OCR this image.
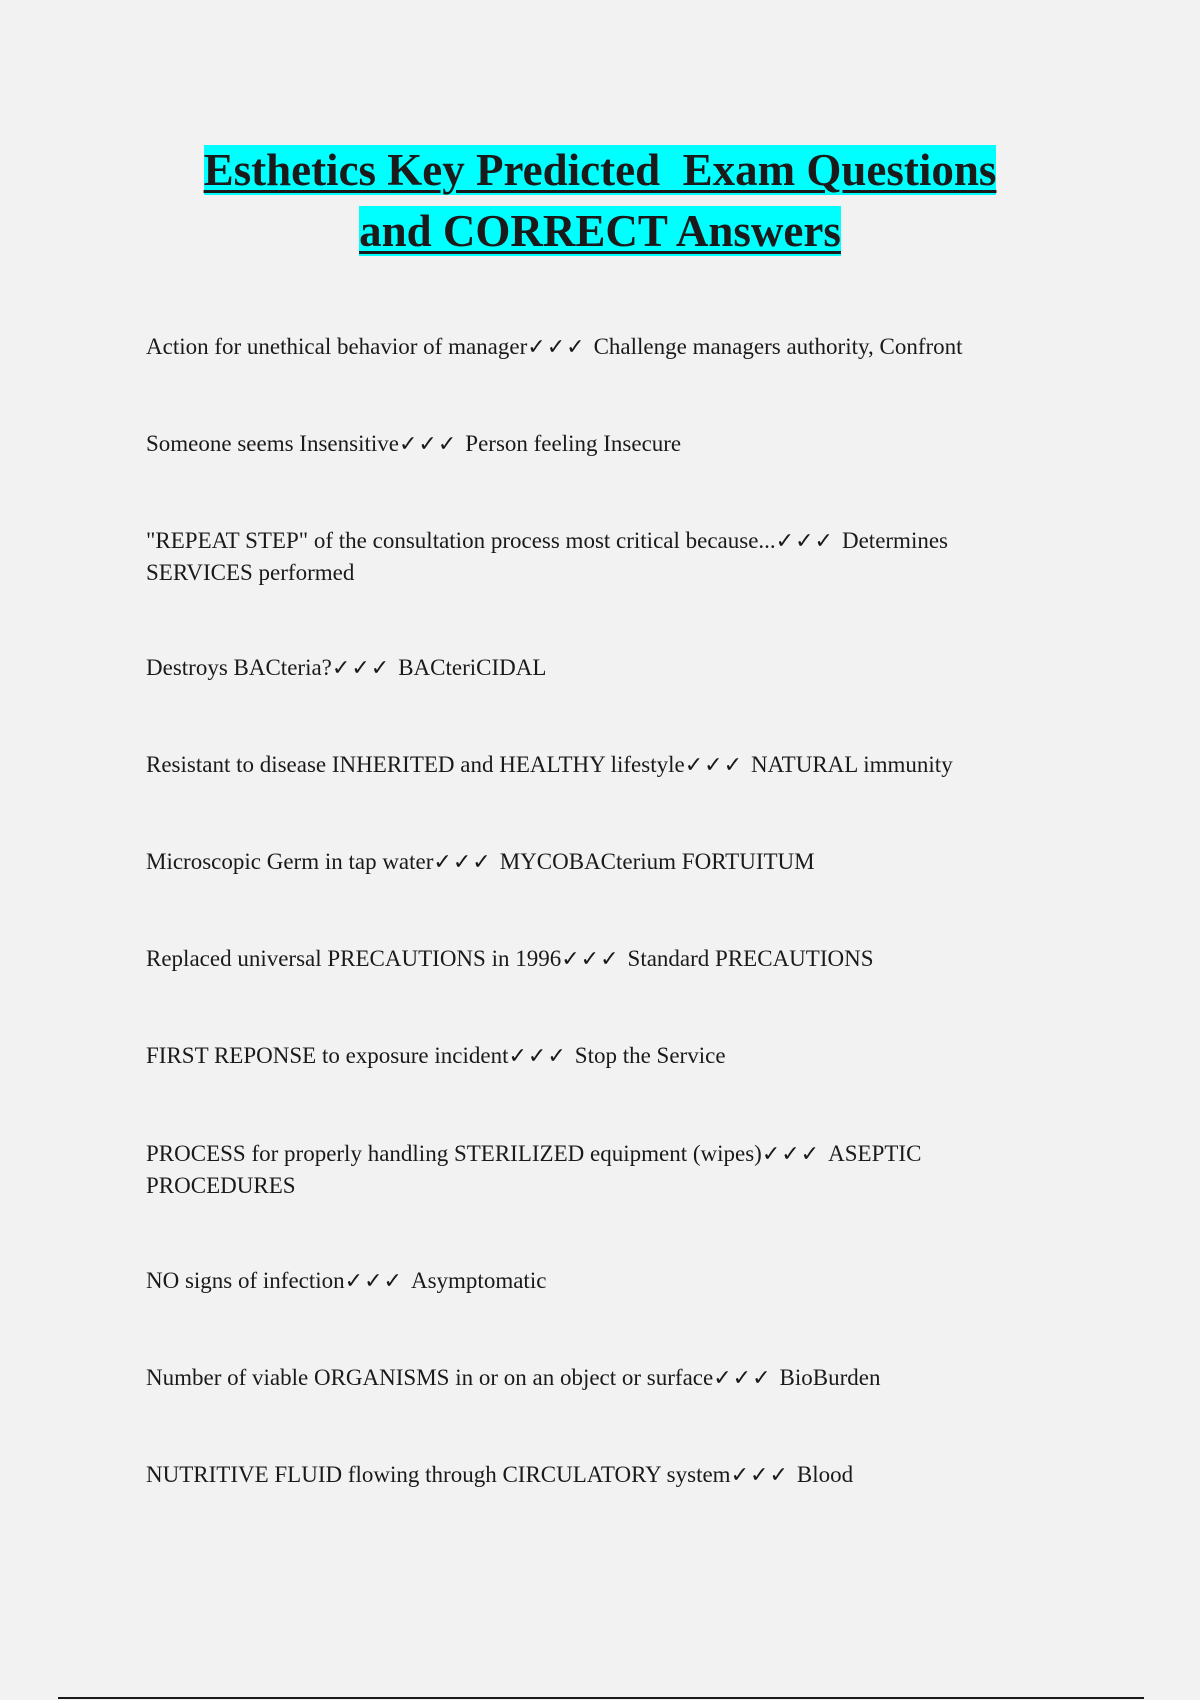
Esthetics Key Predicted  Exam Questions
and CORRECT Answers

Action for unethical behavior of manager✓✓✓ Challenge managers authority, Confront

Someone seems Insensitive✓✓✓ Person feeling Insecure

"REPEAT STEP" of the consultation process most critical because...✓✓✓ Determines SERVICES performed

Destroys BACteria?✓✓✓ BACteriCIDAL

Resistant to disease INHERITED and HEALTHY lifestyle✓✓✓ NATURAL immunity

Microscopic Germ in tap water✓✓✓ MYCOBACterium FORTUITUM

Replaced universal PRECAUTIONS in 1996✓✓✓ Standard PRECAUTIONS

FIRST REPONSE to exposure incident✓✓✓ Stop the Service

PROCESS for properly handling STERILIZED equipment (wipes)✓✓✓ ASEPTIC PROCEDURES

NO signs of infection✓✓✓ Asymptomatic

Number of viable ORGANISMS in or on an object or surface✓✓✓ BioBurden

NUTRITIVE FLUID flowing through CIRCULATORY system✓✓✓ Blood
